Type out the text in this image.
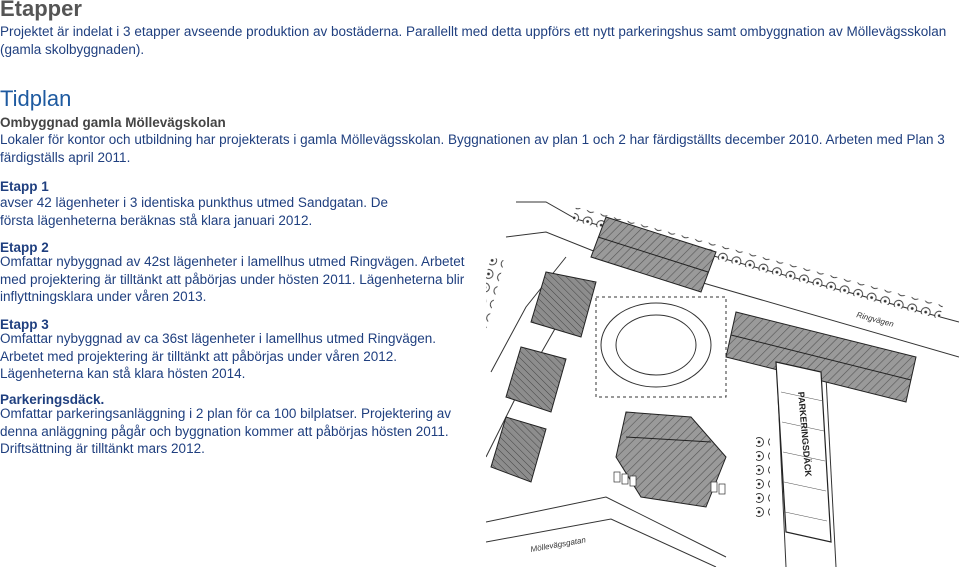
Etapper
Projektet är indelat i 3 etapper avseende produktion av bostäderna. Parallellt med detta uppförs ett nytt parkeringshus samt ombyggnation av Möllevägsskolan (gamla skolbyggnaden).
Tidplan
Ombyggnad gamla Möllevägskolan
Lokaler för kontor och utbildning har projekterats i gamla Möllevägsskolan. Byggnationen av plan 1 och 2 har färdigställts december 2010. Arbeten med Plan 3 färdigställs april 2011.
Etapp 1
avser 42 lägenheter i 3 identiska punkthus utmed Sandgatan. De första lägenheterna beräknas stå klara januari 2012.
Etapp 2
Omfattar nybyggnad av 42st lägenheter i lamellhus utmed Ringvägen. Arbetet med projektering är tilltänkt att påbörjas under hösten 2011. Lägenheterna blir inflyttningsklara under våren 2013.
Etapp 3
Omfattar nybyggnad av ca 36st lägenheter i lamellhus utmed Ringvägen. Arbetet med projektering är tilltänkt att påbörjas under våren 2012. Lägenheterna kan stå klara hösten 2014.
Parkeringsdäck.
Omfattar parkeringsanläggning i 2 plan för ca 100 bilplatser. Projektering av denna anläggning pågår och byggnation kommer att påbörjas hösten 2011. Driftsättning är tilltänkt mars 2012.	PARKERINGSDÄCK
Ringvägen
Möllevägsgatan
